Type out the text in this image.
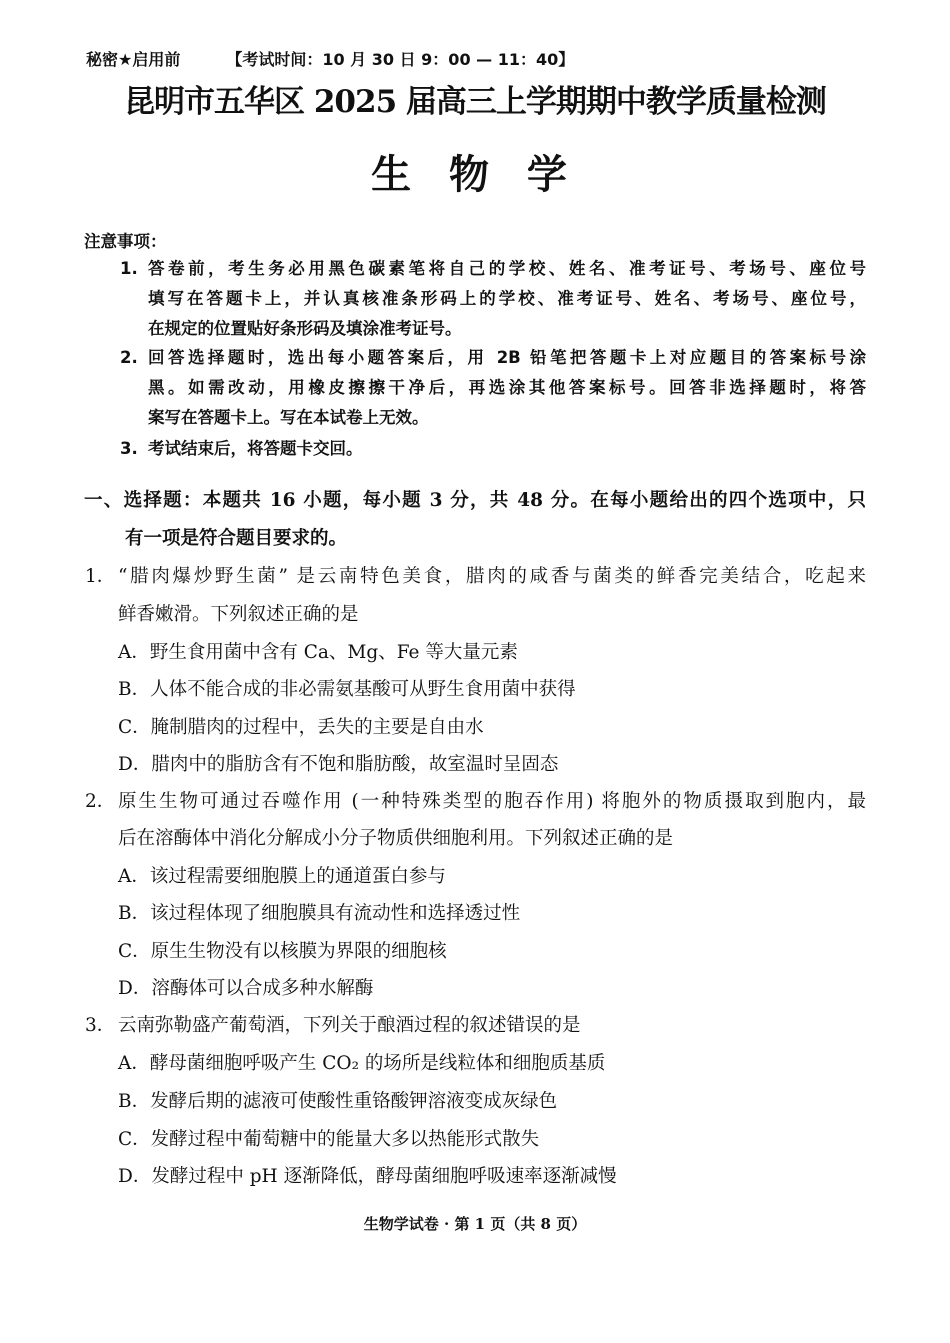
秘密★启用前	【考试时间：10 月 30 日 9：00 — 11：40】
昆明市五华区 2025 届高三上学期期中教学质量检测
生 物 学
注意事项：
1. 答卷前，考生务必用黑色碳素笔将自己的学校、姓名、准考证号、考场号、座位号
填写在答题卡上，并认真核准条形码上的学校、准考证号、姓名、考场号、座位号，
在规定的位置贴好条形码及填涂准考证号。
2. 回答选择题时，选出每小题答案后，用 2B 铅笔把答题卡上对应题目的答案标号涂
黑。如需改动，用橡皮擦擦干净后，再选涂其他答案标号。回答非选择题时，将答
案写在答题卡上。写在本试卷上无效。
3. 考试结束后，将答题卡交回。
一、选择题：本题共 16 小题，每小题 3 分，共 48 分。在每小题给出的四个选项中，只
有一项是符合题目要求的。
1． “腊肉爆炒野生菌” 是云南特色美食，腊肉的咸香与菌类的鲜香完美结合，吃起来
鲜香嫩滑。下列叙述正确的是
A．野生食用菌中含有 Ca、Mg、Fe 等大量元素
B．人体不能合成的非必需氨基酸可从野生食用菌中获得
C．腌制腊肉的过程中，丢失的主要是自由水
D．腊肉中的脂肪含有不饱和脂肪酸，故室温时呈固态
2． 原生生物可通过吞噬作用 (一种特殊类型的胞吞作用) 将胞外的物质摄取到胞内，最
后在溶酶体中消化分解成小分子物质供细胞利用。下列叙述正确的是
A．该过程需要细胞膜上的通道蛋白参与
B．该过程体现了细胞膜具有流动性和选择透过性
C．原生生物没有以核膜为界限的细胞核
D．溶酶体可以合成多种水解酶
3． 云南弥勒盛产葡萄酒，下列关于酿酒过程的叙述错误的是
A．酵母菌细胞呼吸产生 CO₂ 的场所是线粒体和细胞质基质
B．发酵后期的滤液可使酸性重铬酸钾溶液变成灰绿色
C．发酵过程中葡萄糖中的能量大多以热能形式散失
D．发酵过程中 pH 逐渐降低，酵母菌细胞呼吸速率逐渐减慢
生物学试卷 · 第 1 页（共 8 页）
